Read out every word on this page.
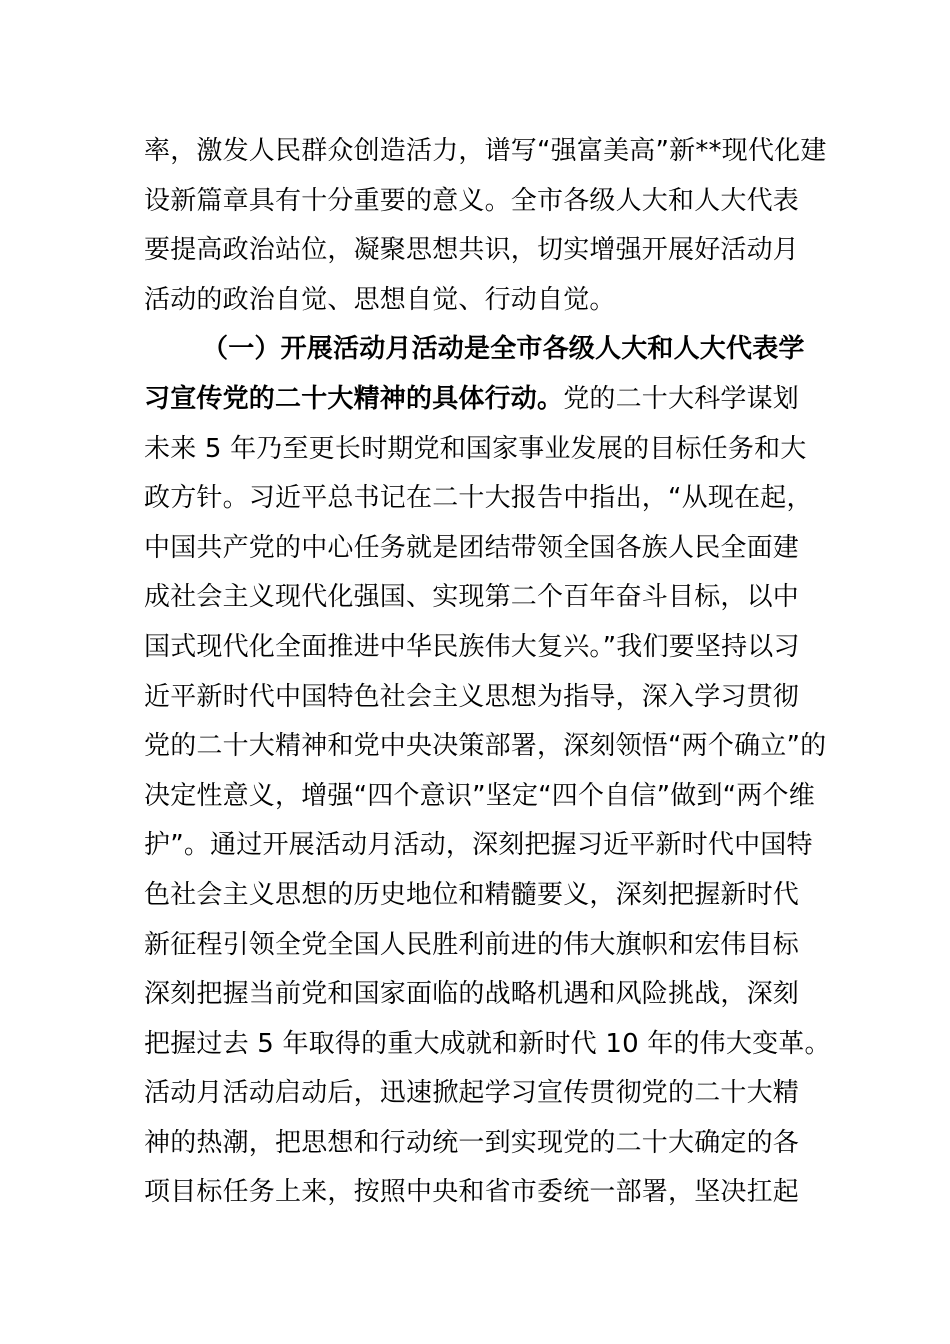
率，激发人民群众创造活力，谱写“强富美高”新**现代化建
设新篇章具有十分重要的意义。全市各级人大和人大代表
要提高政治站位，凝聚思想共识，切实增强开展好活动月
活动的政治自觉、思想自觉、行动自觉。
（一）开展活动月活动是全市各级人大和人大代表学
习宣传党的二十大精神的具体行动。党的二十大科学谋划
未来 5 年乃至更长时期党和国家事业发展的目标任务和大
政方针。习近平总书记在二十大报告中指出，“从现在起，
中国共产党的中心任务就是团结带领全国各族人民全面建
成社会主义现代化强国、实现第二个百年奋斗目标，以中
国式现代化全面推进中华民族伟大复兴。”我们要坚持以习
近平新时代中国特色社会主义思想为指导，深入学习贯彻
党的二十大精神和党中央决策部署，深刻领悟“两个确立”的
决定性意义，增强“四个意识”坚定“四个自信”做到“两个维
护”。通过开展活动月活动，深刻把握习近平新时代中国特
色社会主义思想的历史地位和精髓要义，深刻把握新时代
新征程引领全党全国人民胜利前进的伟大旗帜和宏伟目标
深刻把握当前党和国家面临的战略机遇和风险挑战，深刻
把握过去 5 年取得的重大成就和新时代 10 年的伟大变革。
活动月活动启动后，迅速掀起学习宣传贯彻党的二十大精
神的热潮，把思想和行动统一到实现党的二十大确定的各
项目标任务上来，按照中央和省市委统一部署，坚决扛起
